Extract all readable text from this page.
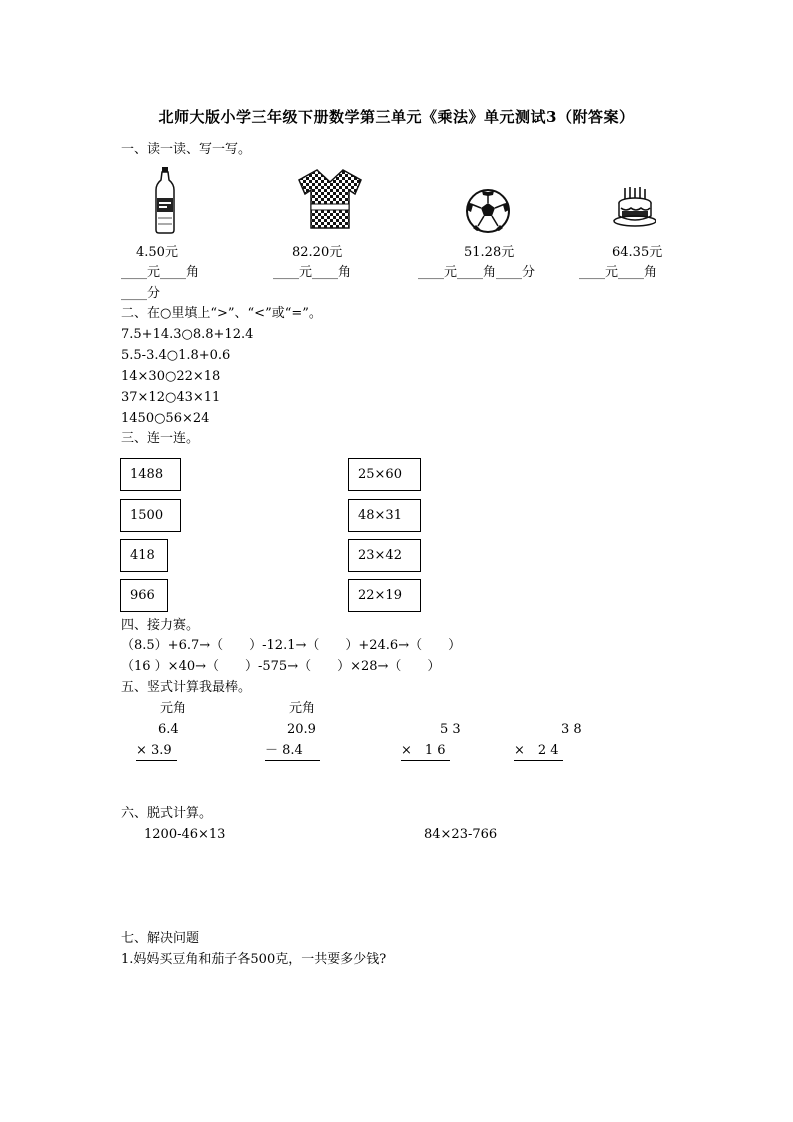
北师大版小学三年级下册数学第三单元《乘法》单元测试3（附答案）
一、读一读、写一写。
4.50元	82.20元	51.28元	64.35元
____元____角	____元____角	____元____角____分	____元____角
____分
二、在○里填上“>”、“<”或“=”。
7.5+14.3○8.8+12.4
5.5-3.4○1.8+0.6
14×30○22×18
37×12○43×11
1450○56×24
三、连一连。
1488
1500
418
966
25×60
48×31
23×42
22×19
四、接力赛。
（8.5）+6.7→（　　）-12.1→（　　）+24.6→（　　）
（16 ）×40→（　　）-575→（　　）×28→（　　）
五、竖式计算我最棒。
元角	元角
6.4	20.9	5 3	3 8
× 3.9	－ 8.4	×　1 6	×　2 4
六、脱式计算。
1200-46×13	84×23-766
七、解决问题
1.妈妈买豆角和茄子各500克，一共要多少钱?
